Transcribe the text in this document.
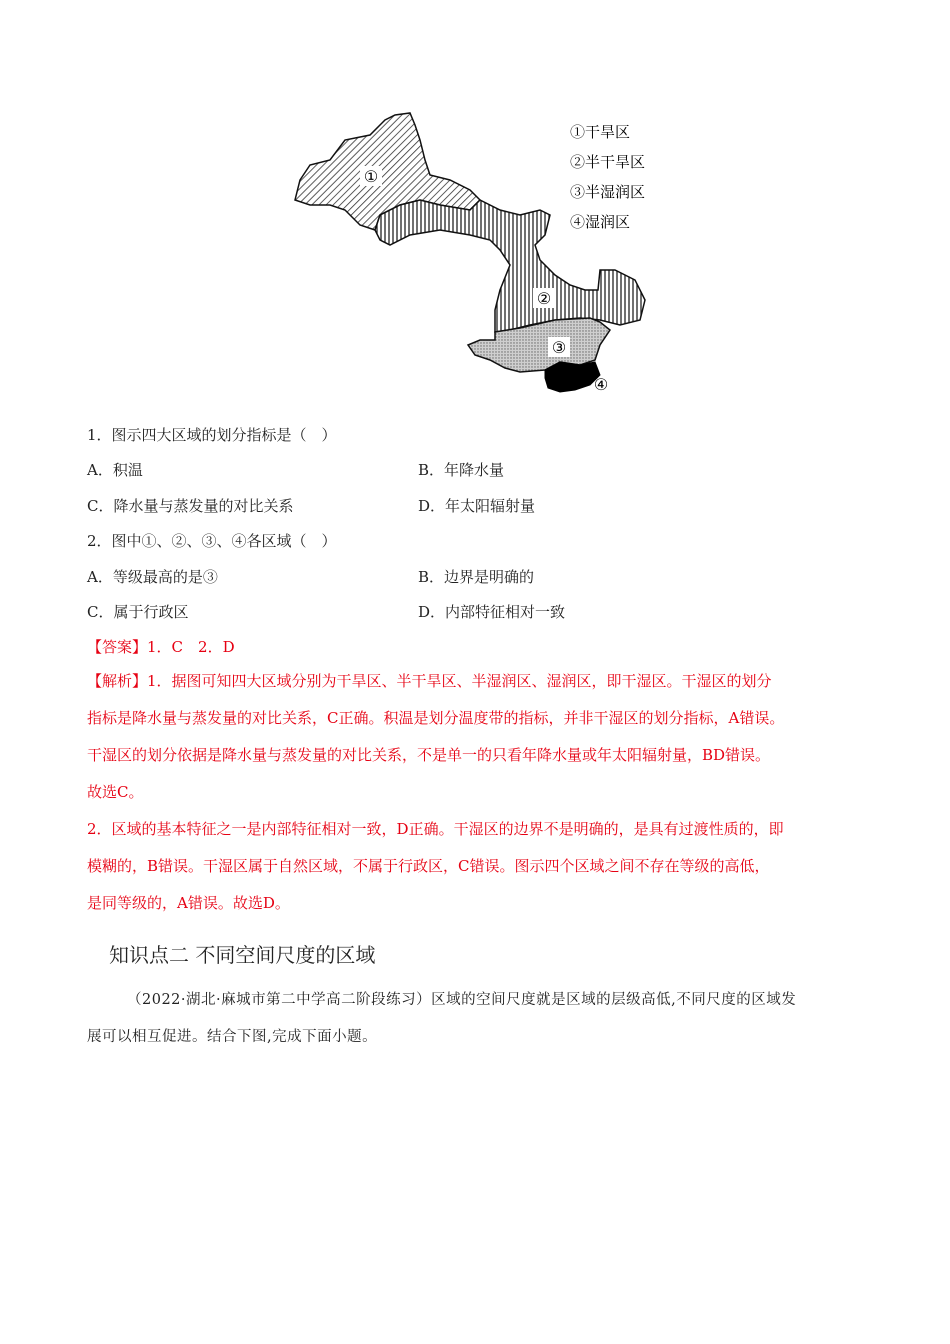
①
②
③
④
①干旱区
②半干旱区
③半湿润区
④湿润区
1．图示四大区域的划分指标是（　）
A．积温	B．年降水量
C．降水量与蒸发量的对比关系	D．年太阳辐射量
2．图中①、②、③、④各区域（　）
A．等级最高的是③	B．边界是明确的
C．属于行政区	D．内部特征相对一致
【答案】1．C　2．D
【解析】1．据图可知四大区域分别为干旱区、半干旱区、半湿润区、湿润区，即干湿区。干湿区的划分
指标是降水量与蒸发量的对比关系，C正确。积温是划分温度带的指标，并非干湿区的划分指标，A错误。
干湿区的划分依据是降水量与蒸发量的对比关系，不是单一的只看年降水量或年太阳辐射量，BD错误。
故选C。
2．区域的基本特征之一是内部特征相对一致，D正确。干湿区的边界不是明确的，是具有过渡性质的，即
模糊的，B错误。干湿区属于自然区域，不属于行政区，C错误。图示四个区域之间不存在等级的高低，
是同等级的，A错误。故选D。
知识点二 不同空间尺度的区域
（2022·湖北·麻城市第二中学高二阶段练习）区域的空间尺度就是区域的层级高低,不同尺度的区域发
展可以相互促进。结合下图,完成下面小题。
